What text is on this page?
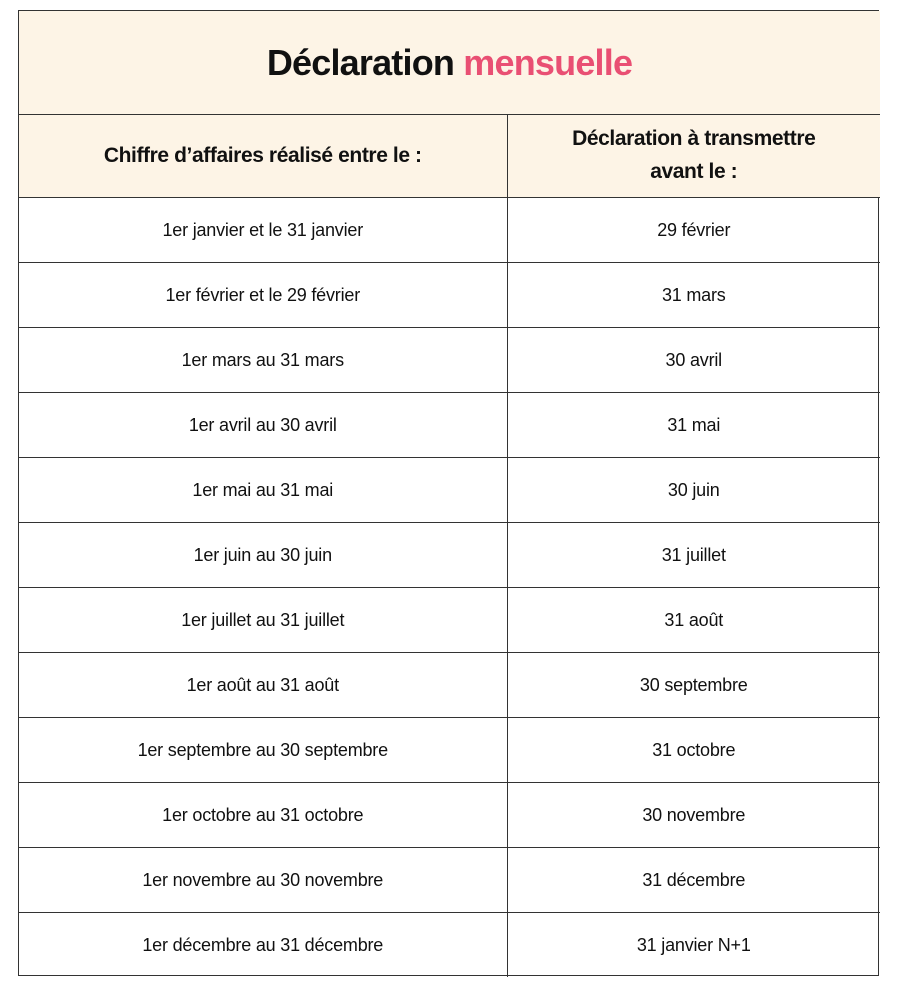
Déclaration mensuelle	
Chiffre d’affaires réalisé entre le :	Déclaration à transmettre
avant le :
1er janvier et le 31 janvier	29 février
1er février et le 29 février	31 mars
1er mars au 31 mars	30 avril
1er avril au 30 avril	31 mai
1er mai au 31 mai	30 juin
1er juin au 30 juin	31 juillet
1er juillet au 31 juillet	31 août
1er août au 31 août	30 septembre
1er septembre au 30 septembre	31 octobre
1er octobre au 31 octobre	30 novembre
1er novembre au 30 novembre	31 décembre
1er décembre au 31 décembre	31 janvier N+1
